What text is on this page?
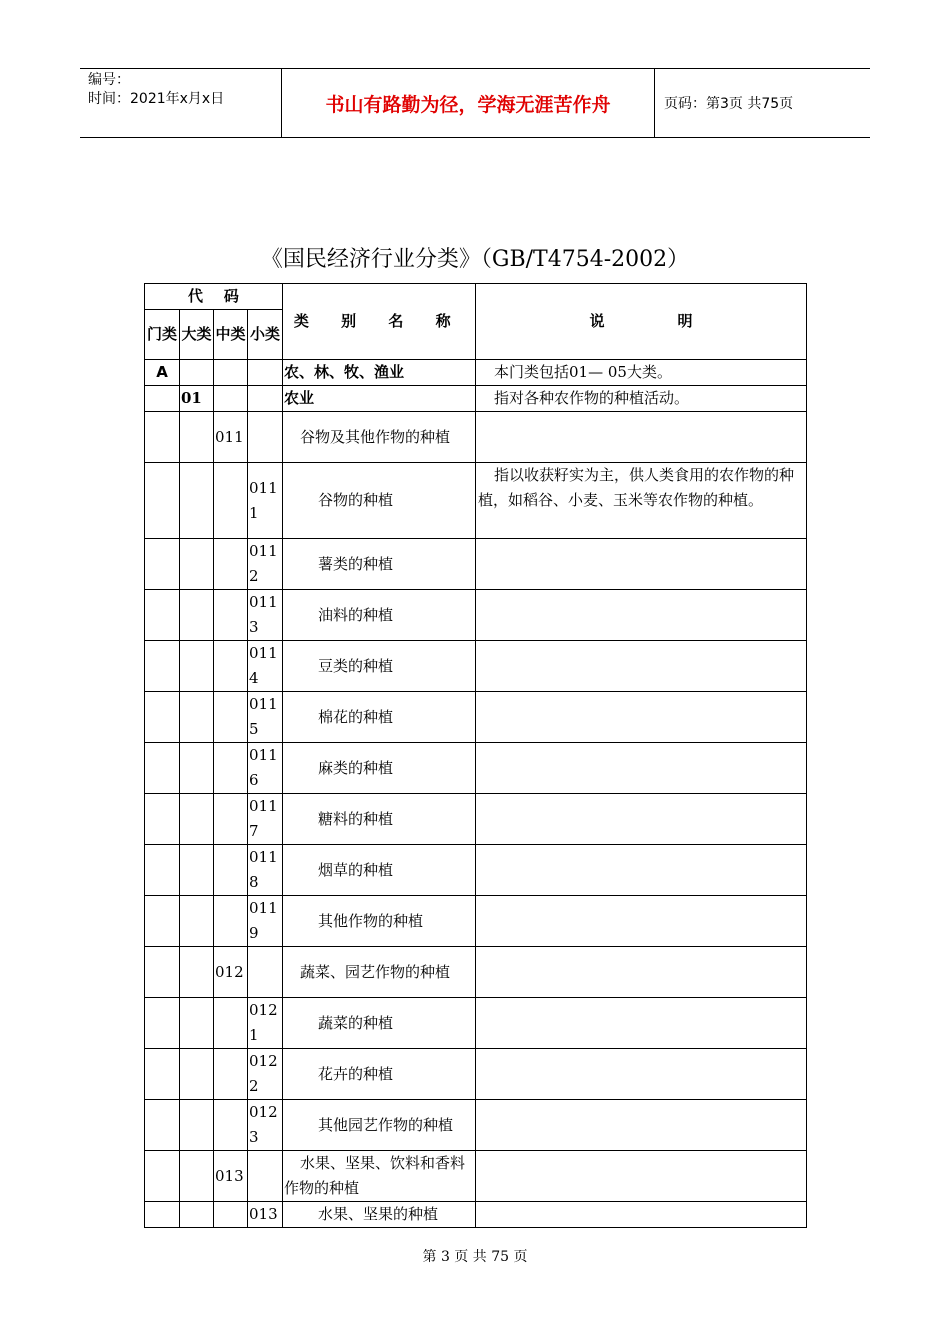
编号：
时间：2021年x月x日	书山有路勤为径，学海无涯苦作舟	页码：第3页 共75页
《国民经济行业分类》（GB/T4754-2002）
代    码				类 别 名 称	说              明
门类	大类	中类	小类		
A				农、林、牧、渔业	本门类包括01— 05大类。
	01			农业	指对各种农作物的种植活动。
		011		谷物及其他作物的种植	
			0111	谷物的种植	指以收获籽实为主，供人类食用的农作物的种植，如稻谷、小麦、玉米等农作物的种植。
			0112	薯类的种植	
			0113	油料的种植	
			0114	豆类的种植	
			0115	棉花的种植	
			0116	麻类的种植	
			0117	糖料的种植	
			0118	烟草的种植	
			0119	其他作物的种植	
		012		蔬菜、园艺作物的种植	
			0121	蔬菜的种植	
			0122	花卉的种植	
			0123	其他园艺作物的种植	
		013		水果、坚果、饮料和香料作物的种植	
			013	水果、坚果的种植	
第 3 页 共 75 页
